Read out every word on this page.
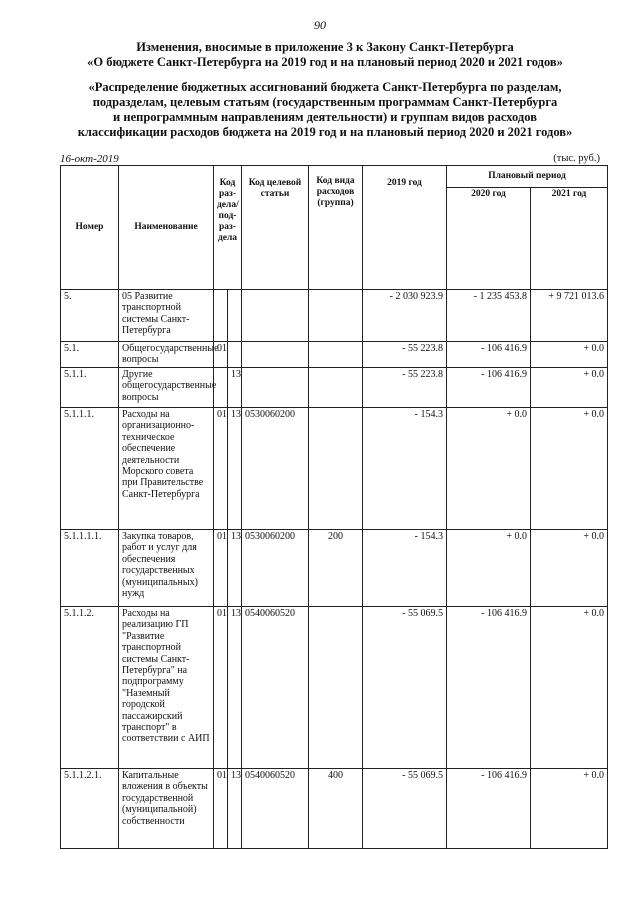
90
Изменения, вносимые в приложение 3 к Закону Санкт-Петербурга
«О бюджете Санкт-Петербурга на 2019 год и на плановый период 2020 и 2021 годов»
«Распределение бюджетных ассигнований бюджета Санкт-Петербурга по разделам,
подразделам, целевым статьям (государственным программам Санкт-Петербурга
и непрограммным направлениям деятельности) и группам видов расходов
классификации расходов бюджета на 2019 год и на плановый период 2020 и 2021 годов»
16-окт-2019	(тыс. руб.)
Номер	Наименование	Код раз-дела/ под-раз-дела		Код целевой статьи	Код вида расходов (группа)	2019 год	Плановый период	
							2020 год	2021 год
5.	05 Развитие транспортной системы Санкт-Петербурга					- 2 030 923.9	- 1 235 453.8	+ 9 721 013.6
5.1.	Общегосударственные вопросы	01				- 55 223.8	- 106 416.9	+ 0.0
5.1.1.	Другие общегосударственные вопросы		13			- 55 223.8	- 106 416.9	+ 0.0
5.1.1.1.	Расходы на организационно-техническое обеспечение деятельности Морского совета при Правительстве Санкт-Петербурга	01	13	0530060200		- 154.3	+ 0.0	+ 0.0
5.1.1.1.1.	Закупка товаров, работ и услуг для обеспечения государственных (муниципальных) нужд	01	13	0530060200	200	- 154.3	+ 0.0	+ 0.0
5.1.1.2.	Расходы на реализацию ГП "Развитие транспортной системы Санкт-Петербурга" на подпрограмму "Наземный городской пассажирский транспорт" в соответствии с АИП	01	13	0540060520		- 55 069.5	- 106 416.9	+ 0.0
5.1.1.2.1.	Капитальные вложения в объекты государственной (муниципальной) собственности	01	13	0540060520	400	- 55 069.5	- 106 416.9	+ 0.0
